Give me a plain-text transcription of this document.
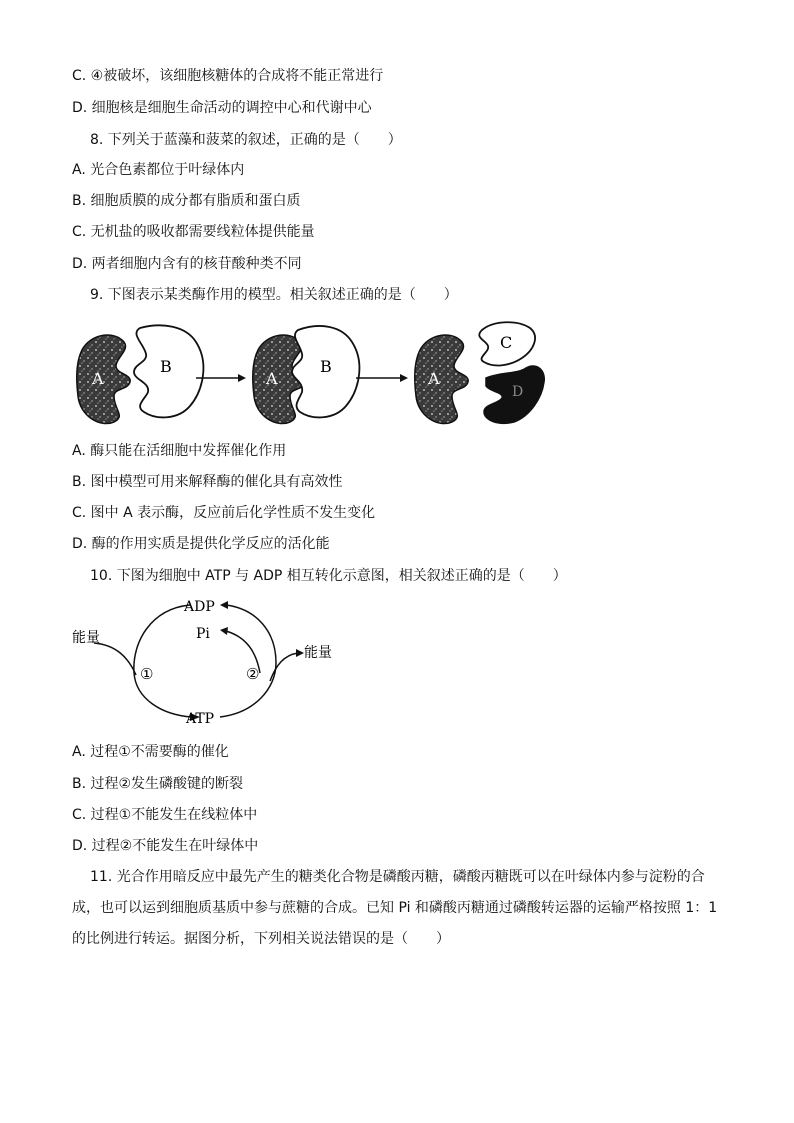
C. ④被破坏，该细胞核糖体的合成将不能正常进行
D. 细胞核是细胞生命活动的调控中心和代谢中心
8. 下列关于蓝藻和菠菜的叙述，正确的是（　　）
A. 光合色素都位于叶绿体内
B. 细胞质膜的成分都有脂质和蛋白质
C. 无机盐的吸收都需要线粒体提供能量
D. 两者细胞内含有的核苷酸种类不同
9. 下图表示某类酶作用的模型。相关叙述正确的是（　　）
A
B
A
B
A
C
D
A. 酶只能在活细胞中发挥催化作用
B. 图中模型可用来解释酶的催化具有高效性
C. 图中 A 表示酶，反应前后化学性质不发生变化
D. 酶的作用实质是提供化学反应的活化能
10. 下图为细胞中 ATP 与 ADP 相互转化示意图，相关叙述正确的是（　　）
ADP
Pi
ATP
能量
能量
①	②
A. 过程①不需要酶的催化
B. 过程②发生磷酸键的断裂
C. 过程①不能发生在线粒体中
D. 过程②不能发生在叶绿体中
11. 光合作用暗反应中最先产生的糖类化合物是磷酸丙糖，磷酸丙糖既可以在叶绿体内参与淀粉的合成，也可以运到细胞质基质中参与蔗糖的合成。已知 Pi 和磷酸丙糖通过磷酸转运器的运输严格按照 1：1 的比例进行转运。据图分析，下列相关说法错误的是（　　）
